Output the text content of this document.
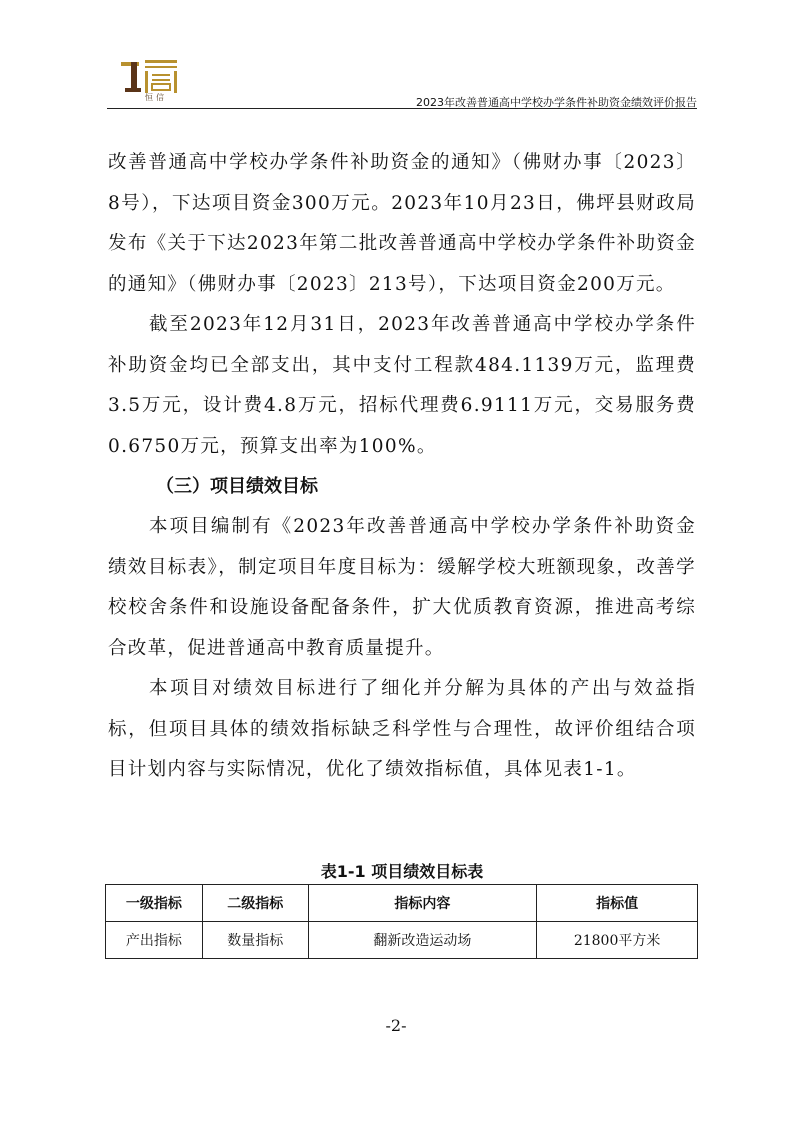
恒信	2023年改善普通高中学校办学条件补助资金绩效评价报告

改善普通高中学校办学条件补助资金的通知》（佛财办事〔2023〕8号），下达项目资金300万元。2023年10月23日，佛坪县财政局发布《关于下达2023年第二批改善普通高中学校办学条件补助资金的通知》（佛财办事〔2023〕213号），下达项目资金200万元。

截至2023年12月31日，2023年改善普通高中学校办学条件补助资金均已全部支出，其中支付工程款484.1139万元，监理费3.5万元，设计费4.8万元，招标代理费6.9111万元，交易服务费0.6750万元，预算支出率为100%。

（三）项目绩效目标

本项目编制有《2023年改善普通高中学校办学条件补助资金绩效目标表》，制定项目年度目标为：缓解学校大班额现象，改善学校校舍条件和设施设备配备条件，扩大优质教育资源，推进高考综合改革，促进普通高中教育质量提升。

本项目对绩效目标进行了细化并分解为具体的产出与效益指标，但项目具体的绩效指标缺乏科学性与合理性，故评价组结合项目计划内容与实际情况，优化了绩效指标值，具体见表1-1。

表1-1 项目绩效目标表
一级指标	二级指标	指标内容	指标值
产出指标	数量指标	翻新改造运动场	21800平方米
-2-
